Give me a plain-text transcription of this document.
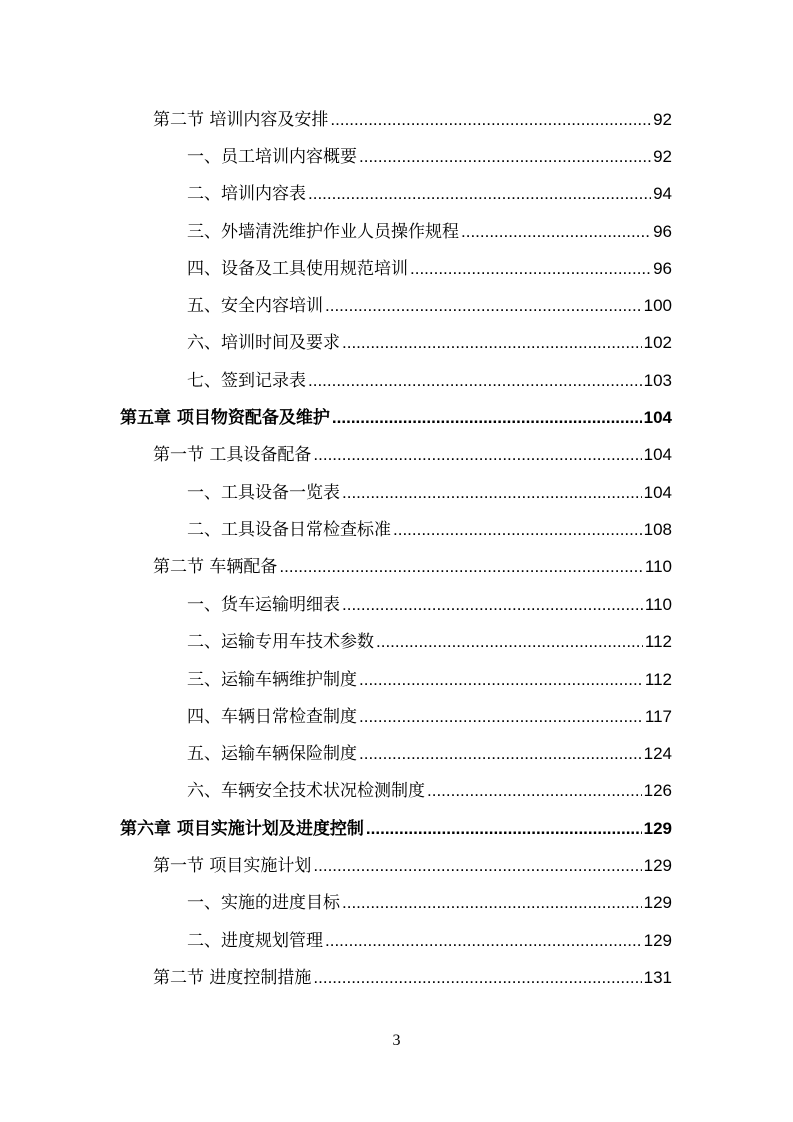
第二节 培训内容及安排 .....	92
一、员工培训内容概要 .....	92
二、培训内容表 .....	94
三、外墙清洗维护作业人员操作规程 .....	96
四、设备及工具使用规范培训 .....	96
五、安全内容培训 .....	100
六、培训时间及要求 .....	102
七、签到记录表 .....	103
第五章 项目物资配备及维护 .....	104
第一节 工具设备配备 .....	104
一、工具设备一览表 .....	104
二、工具设备日常检查标准 .....	108
第二节 车辆配备 .....	110
一、货车运输明细表 .....	110
二、运输专用车技术参数 .....	112
三、运输车辆维护制度 .....	112
四、车辆日常检查制度 .....	117
五、运输车辆保险制度 .....	124
六、车辆安全技术状况检测制度 .....	126
第六章 项目实施计划及进度控制 .....	129
第一节 项目实施计划 .....	129
一、实施的进度目标 .....	129
二、进度规划管理 .....	129
第二节 进度控制措施 .....	131
3
